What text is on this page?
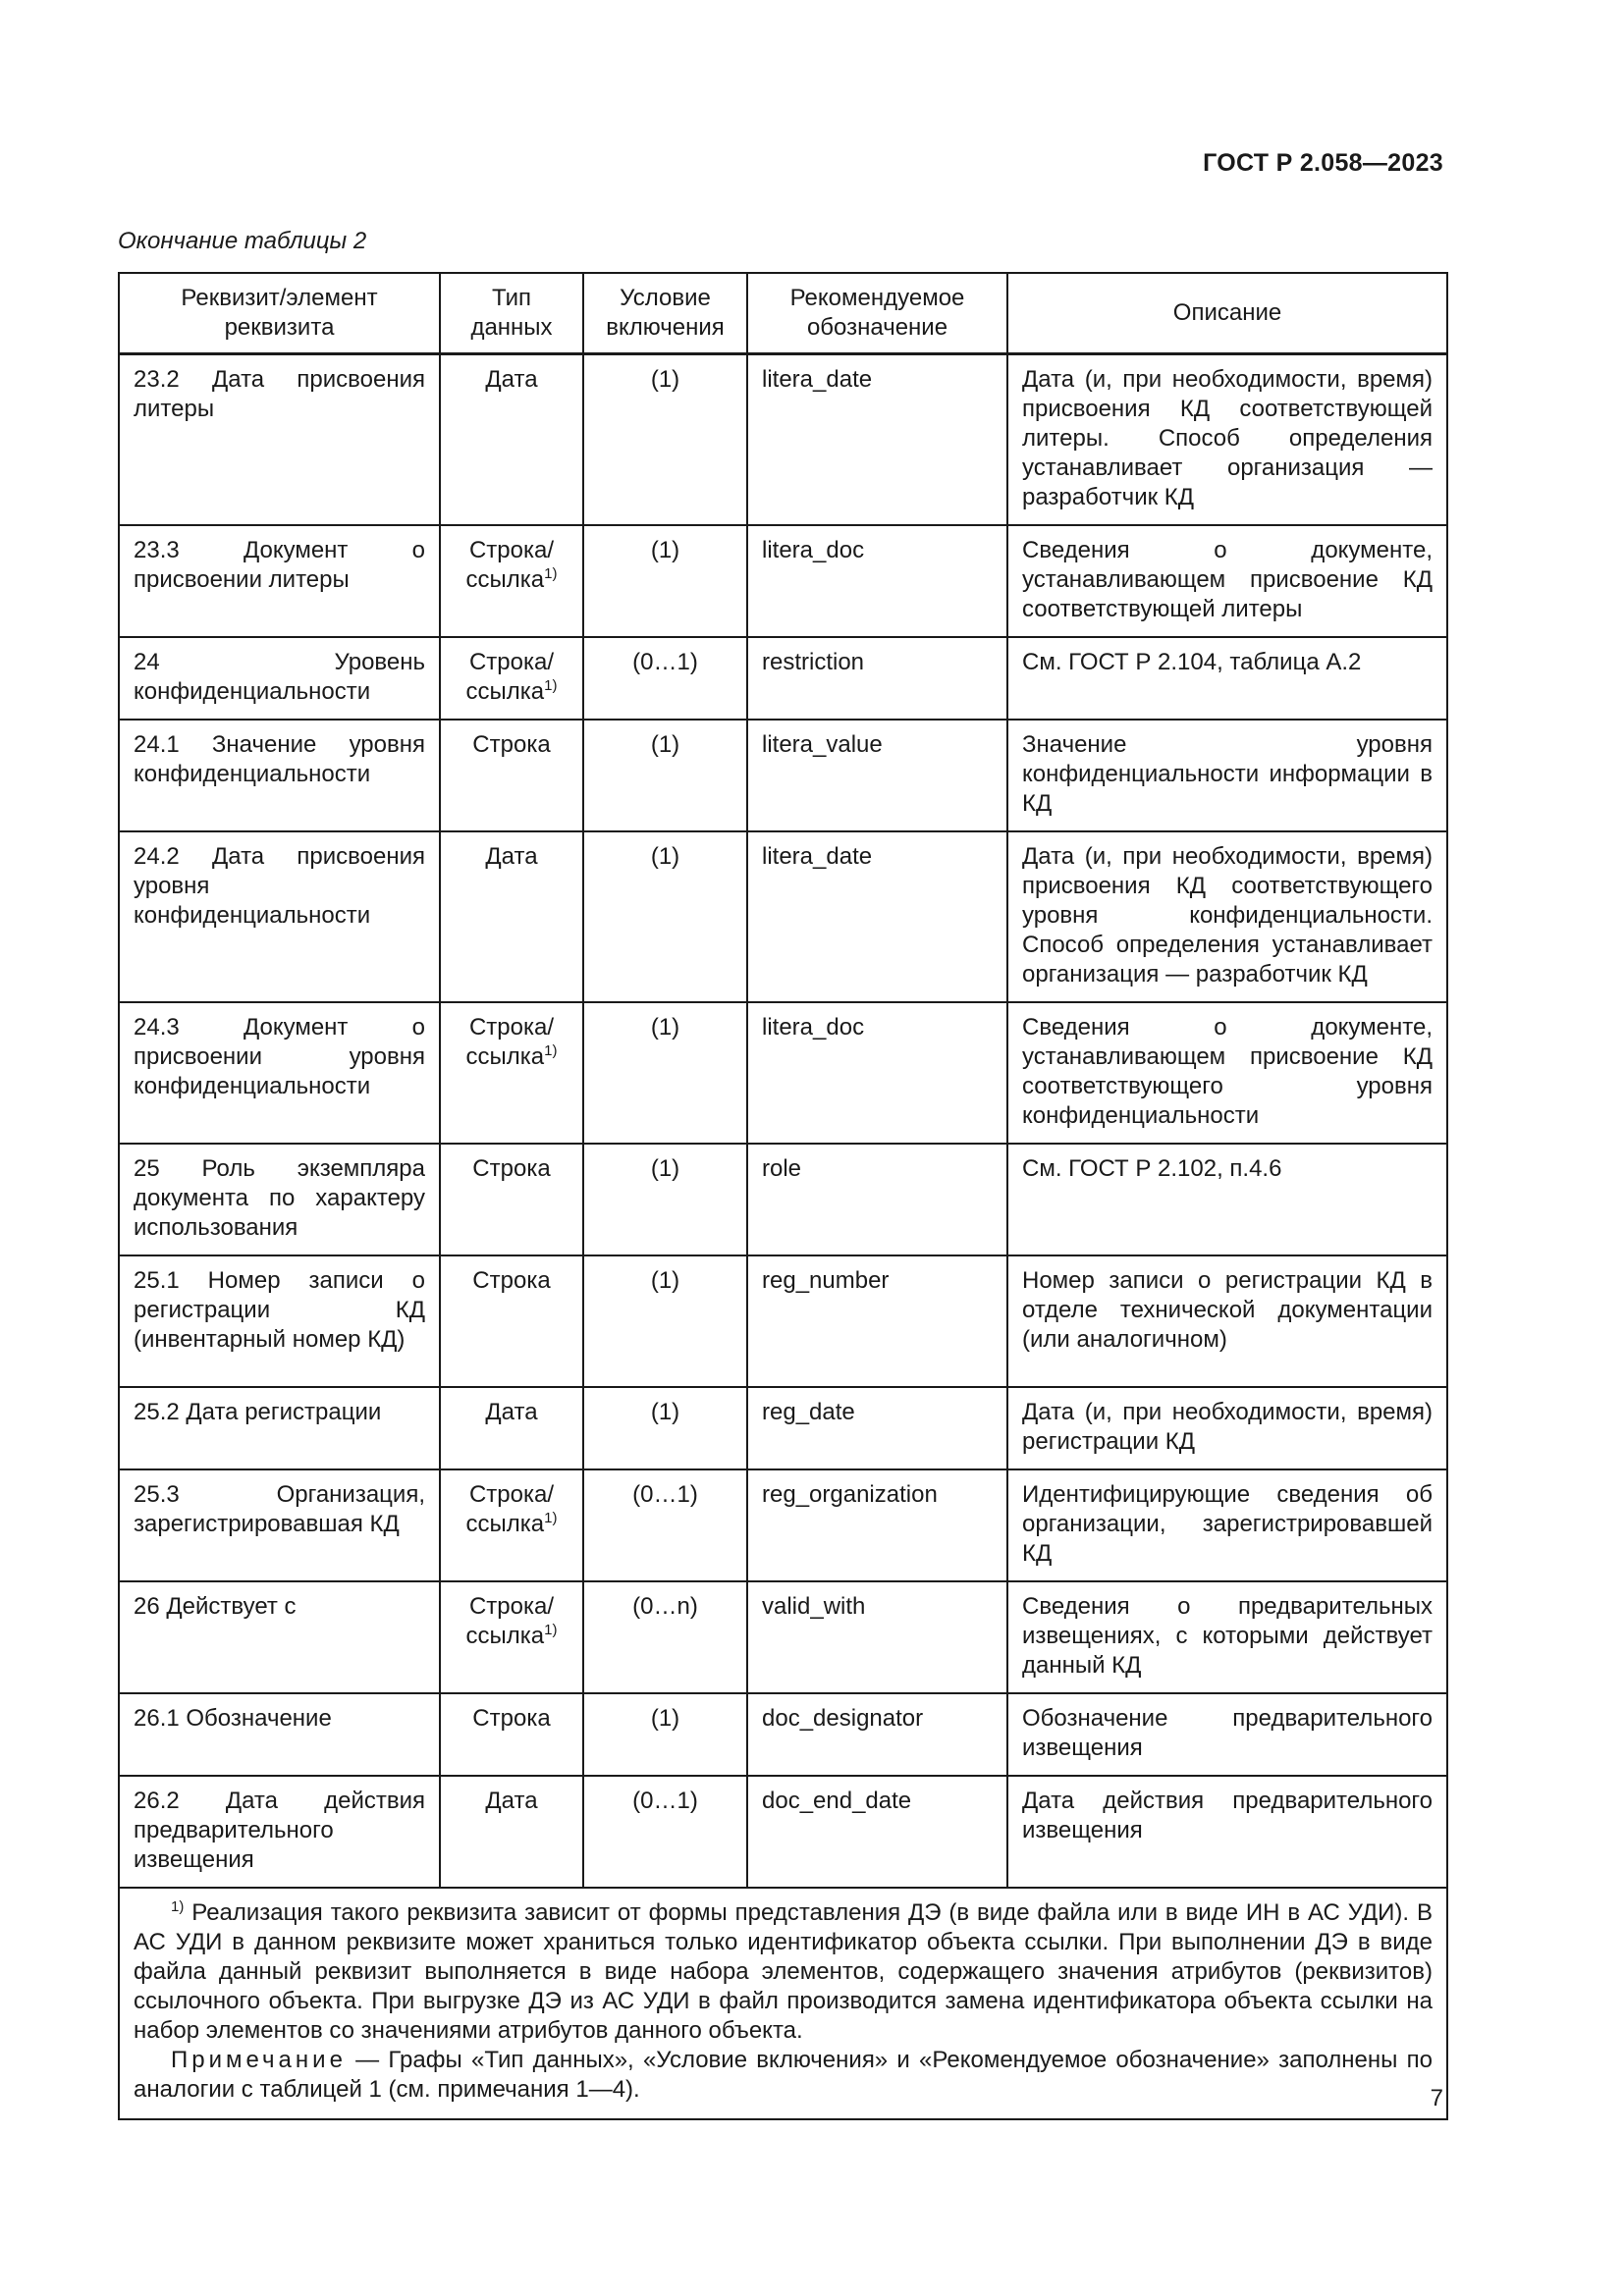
ГОСТ Р 2.058—2023
Окончание таблицы 2
Реквизит/элемент реквизита	Тип данных	Условие включения	Рекомендуемое обозначение	Описание
23.2 Дата присвоения литеры	Дата	(1)	litera_date	Дата (и, при необходимости, время) присвоения КД соответствующей литеры. Способ определения устанавливает организация — разработчик КД
23.3 Документ о присвоении литеры	Строка/ ссылка$^{1)}$	(1)	litera_doc	Сведения о документе, устанавливающем присвоение КД соответствующей литеры
24 Уровень конфиденциальности	Строка/ ссылка$^{1)}$	(0…1)	restriction	См. ГОСТ Р 2.104, таблица А.2
24.1 Значение уровня конфиденциальности	Строка	(1)	litera_value	Значение уровня конфиденциальности информации в КД
24.2 Дата присвоения уровня конфиденциальности	Дата	(1)	litera_date	Дата (и, при необходимости, время) присвоения КД соответствующего уровня конфиденциальности. Способ определения устанавливает организация — разработчик КД
24.3 Документ о присвоении уровня конфиденциальности	Строка/ ссылка$^{1)}$	(1)	litera_doc	Сведения о документе, устанавливающем присвоение КД соответствующего уровня конфиденциальности
25 Роль экземпляра документа по характеру использования	Строка	(1)	role	См. ГОСТ Р 2.102, п.4.6
25.1 Номер записи о регистрации КД (инвентарный номер КД)	Строка	(1)	reg_number	Номер записи о регистрации КД в отделе технической документации (или аналогичном)
25.2 Дата регистрации	Дата	(1)	reg_date	Дата (и, при необходимости, время) регистрации КД
25.3 Организация, зарегистрировавшая КД	Строка/ ссылка$^{1)}$	(0…1)	reg_organization	Идентифицирующие сведения об организации, зарегистрировавшей КД
26 Действует с	Строка/ ссылка$^{1)}$	(0…n)	valid_with	Сведения о предварительных извещениях, с которыми действует данный КД
26.1 Обозначение	Строка	(1)	doc_designator	Обозначение предварительного извещения
26.2 Дата действия предварительного извещения	Дата	(0…1)	doc_end_date	Дата действия предварительного извещения

$^{1)}$ Реализация такого реквизита зависит от формы представления ДЭ (в виде файла или в виде ИН в АС УДИ). В АС УДИ в данном реквизите может храниться только идентификатор объекта ссылки. При выполнении ДЭ в виде файла данный реквизит выполняется в виде набора элементов, содержащего значения атрибутов (реквизитов) ссылочного объекта. При выгрузке ДЭ из АС УДИ в файл производится замена идентификатора объекта ссылки на набор элементов со значениями атрибутов данного объекта.

Примечание — Графы «Тип данных», «Условие включения» и «Рекомендуемое обозначение» заполнены по аналогии с таблицей 1 (см. примечания 1—4).					7
